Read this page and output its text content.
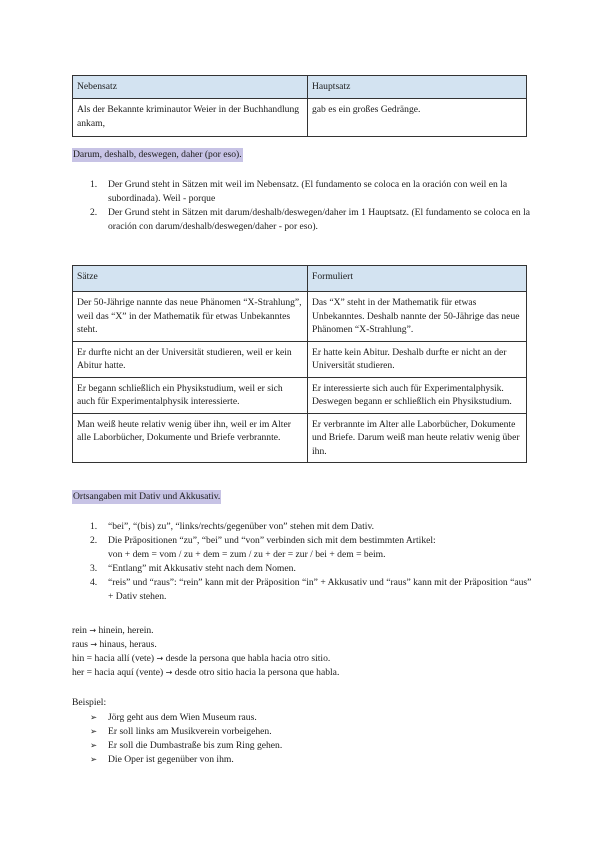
Nebensatz	Hauptsatz
Als der Bekannte kriminautor Weier in der Buchhandlung ankam,	gab es ein großes Gedränge.
Darum, deshalb, deswegen, daher (por eso).
1. Der Grund steht in Sätzen mit weil im Nebensatz. (El fundamento se coloca en la oración con weil en la subordinada). Weil - porque
2. Der Grund steht in Sätzen mit darum/deshalb/deswegen/daher im 1 Hauptsatz. (El fundamento se coloca en la oración con darum/deshalb/deswegen/daher - por eso).
Sätze	Formuliert
Der 50-Jährige nannte das neue Phänomen “X-Strahlung”, weil das “X” in der Mathematik für etwas Unbekanntes steht.	Das “X” steht in der Mathematik für etwas Unbekanntes. Deshalb nannte der 50-Jährige das neue Phänomen “X-Strahlung”.
Er durfte nicht an der Universität studieren, weil er kein Abitur hatte.	Er hatte kein Abitur. Deshalb durfte er nicht an der Universität studieren.
Er begann schließlich ein Physikstudium, weil er sich auch für Experimentalphysik interessierte.	Er interessierte sich auch für Experimentalphysik. Deswegen begann er schließlich ein Physikstudium.
Man weiß heute relativ wenig über ihn, weil er im Alter alle Laborbücher, Dokumente und Briefe verbrannte.	Er verbrannte im Alter alle Laborbücher, Dokumente und Briefe. Darum weiß man heute relativ wenig über ihn.
Ortsangaben mit Dativ und Akkusativ.
1. “bei”, “(bis) zu”, “links/rechts/gegenüber von” stehen mit dem Dativ.
2. Die Präpositionen “zu”, “bei” und “von” verbinden sich mit dem bestimmten Artikel:
von + dem = vom / zu + dem = zum / zu + der = zur / bei + dem = beim.
3. “Entlang” mit Akkusativ steht nach dem Nomen.
4. “reis” und “raus”: “rein” kann mit der Präposition “in” + Akkusativ und “raus” kann mit der Präposition “aus” + Dativ stehen.
rein → hinein, herein.
raus → hinaus, heraus.
hin = hacia allí (vete) → desde la persona que habla hacia otro sitio.
her = hacia aquí (vente) → desde otro sitio hacia la persona que habla.
Beispiel:
➢ Jörg geht aus dem Wien Museum raus.
➢ Er soll links am Musikverein vorbeigehen.
➢ Er soll die Dumbastraße bis zum Ring gehen.
➢ Die Oper ist gegenüber von ihm.
